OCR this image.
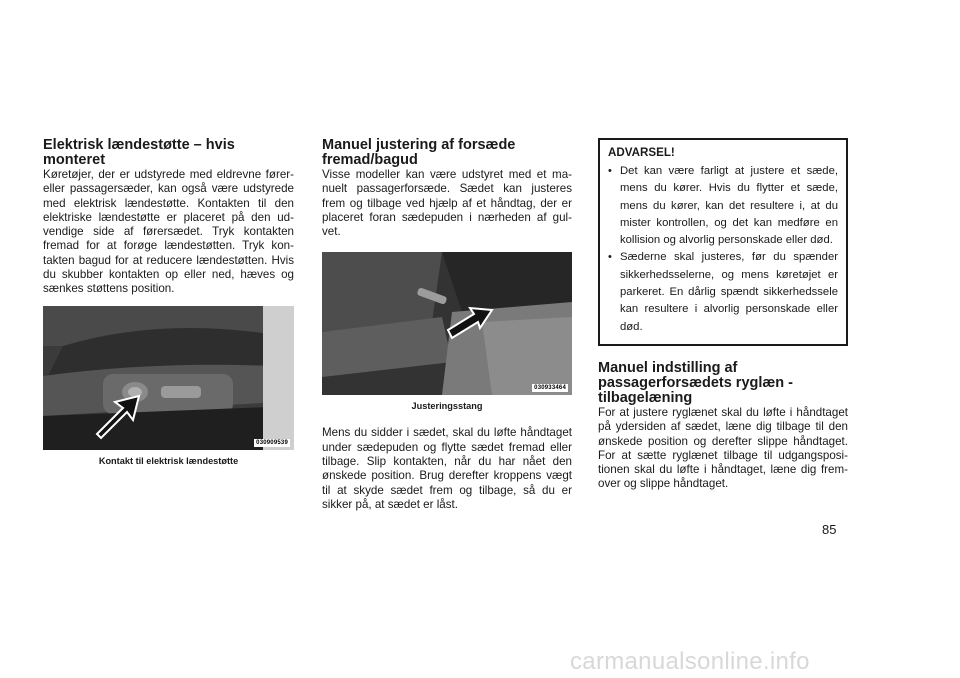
Elektrisk lændestøtte – hvis monteret

Køretøjer, der er udstyrede med eldrevne fører- eller passagersæder, kan også være udstyrede med elektrisk lændestøtte. Kontakten til den elektriske lændestøtte er placeret på den ud-vendige side af førersædet. Tryk kontakten fremad for at forøge lændestøtten. Tryk kon-takten bagud for at reducere lændestøtten. Hvis du skubber kontakten op eller ned, hæves og sænkes støttens position.

030909539
Kontakt til elektrisk lændestøtte
Manuel justering af forsæde fremad/bagud

Visse modeller kan være udstyret med et ma-nuelt passagerforsæde. Sædet kan justeres frem og tilbage ved hjælp af et håndtag, der er placeret foran sædepuden i nærheden af gul-vet.

030933464
Justeringsstang

Mens du sidder i sædet, skal du løfte håndtaget under sædepuden og flytte sædet fremad eller tilbage. Slip kontakten, når du har nået den ønskede position. Brug derefter kroppens vægt til at skyde sædet frem og tilbage, så du er sikker på, at sædet er låst.

ADVARSEL!
• Det kan være farligt at justere et sæde, mens du kører. Hvis du flytter et sæde, mens du kører, kan det resultere i, at du mister kontrollen, og det kan medføre en kollision og alvorlig personskade eller død.
• Sæderne skal justeres, før du spænder sikkerhedsselerne, og mens køretøjet er parkeret. En dårlig spændt sikkerhedssele kan resultere i alvorlig personskade eller død.
Manuel indstilling af passagerforsædets ryglæn - tilbagelæning

For at justere ryglænet skal du løfte i håndtaget på ydersiden af sædet, læne dig tilbage til den ønskede position og derefter slippe håndtaget. For at sætte ryglænet tilbage til udgangsposi-tionen skal du løfte i håndtaget, læne dig frem-over og slippe håndtaget.

85
carmanualsonline.info
